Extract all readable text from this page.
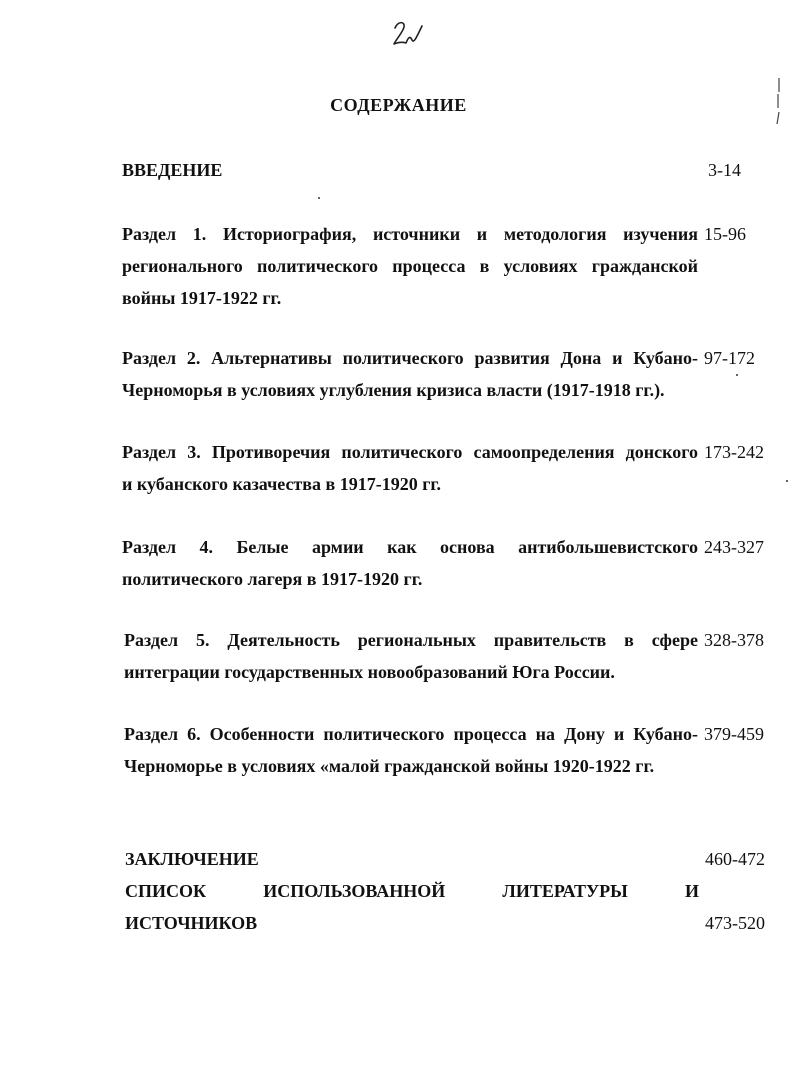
СОДЕРЖАНИЕ
ВВЕДЕНИЕ	3-14
Раздел 1. Историография, источники и методология изучения
регионального политического процесса в условиях гражданской
войны 1917-1922 гг.
15-96
Раздел 2. Альтернативы политического развития Дона и Кубано-
Черноморья в условиях углубления кризиса власти (1917-1918 гг.).
97-172
Раздел 3. Противоречия политического самоопределения донского
и кубанского казачества в 1917-1920 гг.
173-242
Раздел 4. Белые армии как основа антибольшевистского
политического лагеря в 1917-1920 гг.
243-327
Раздел 5. Деятельность региональных правительств в сфере
интеграции государственных новообразований Юга России.
328-378
Раздел 6. Особенности политического процесса на Дону и Кубано-
Черноморье в условиях «малой гражданской войны 1920-1922 гг.
379-459
ЗАКЛЮЧЕНИЕ	460-472
СПИСОК ИСПОЛЬЗОВАННОЙ ЛИТЕРАТУРЫ И
ИСТОЧНИКОВ	473-520
